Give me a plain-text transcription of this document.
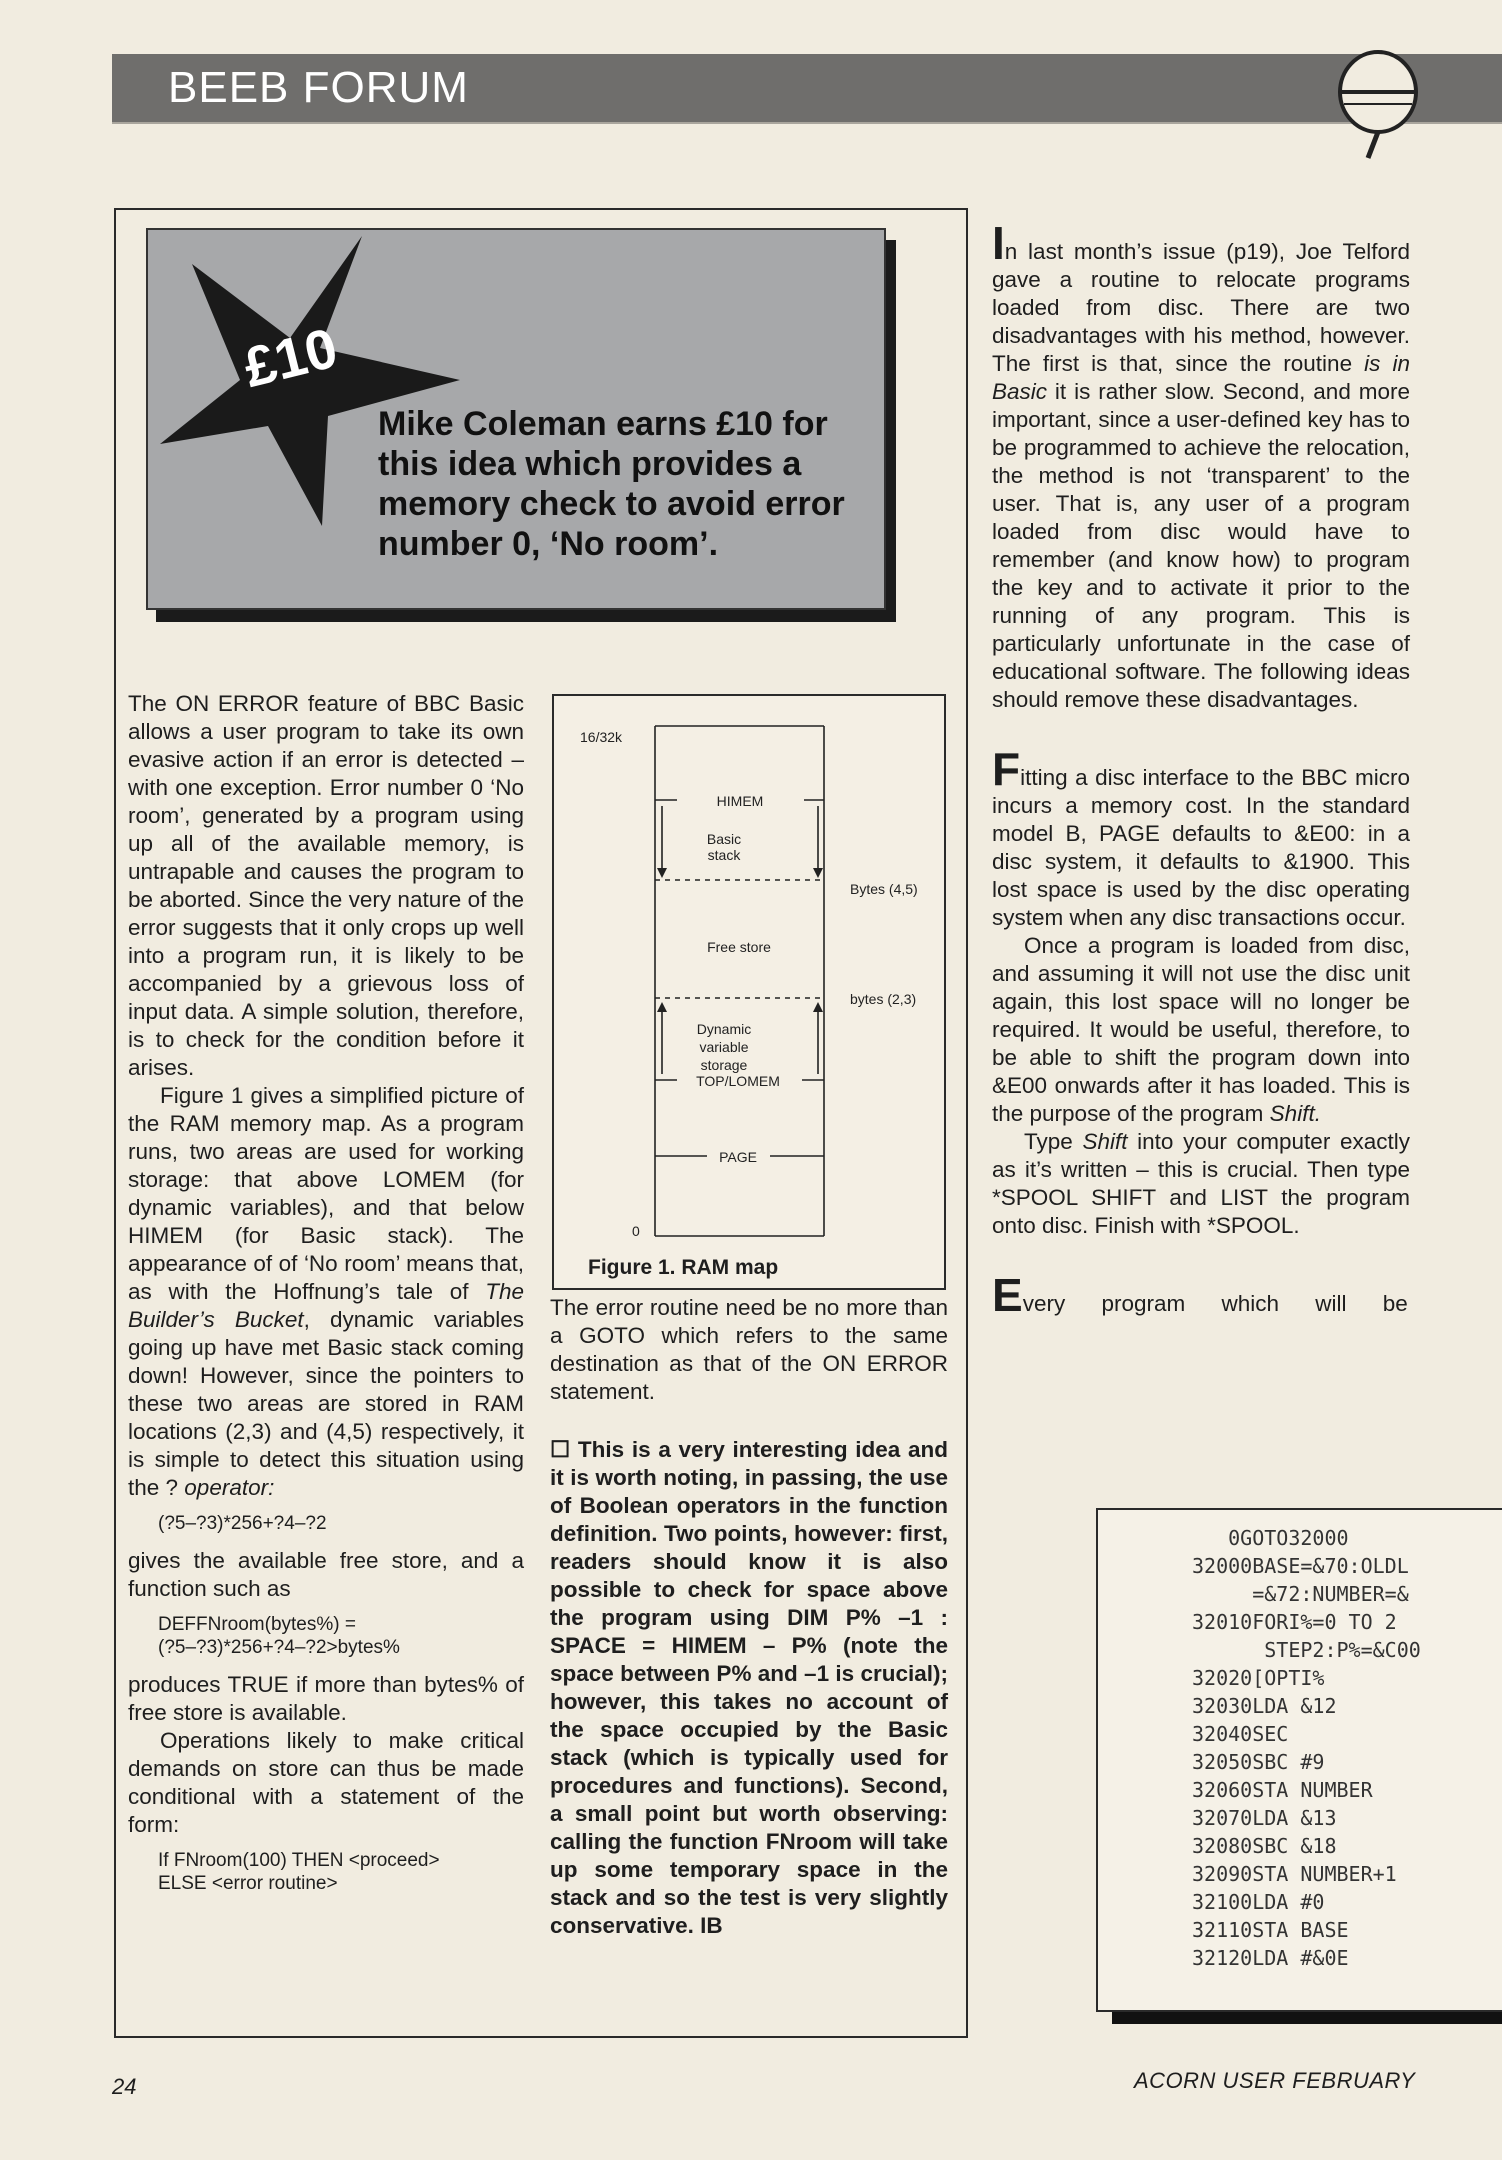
BEEB FORUM
£10
Mike Coleman earns £10 for this idea which provides a memory check to avoid error number 0, ‘No room’.

The ON ERROR feature of BBC Basic allows a user program to take its own evasive action if an error is detected – with one exception. Error number 0 ‘No room’, generated by a program using up all of the available memory, is untrapable and causes the program to be aborted. Since the very nature of the error suggests that it only crops up well into a program run, it is likely to be accompanied by a grievous loss of input data. A simple solution, therefore, is to check for the condition before it arises.

Figure 1 gives a simplified picture of the RAM memory map. As a program runs, two areas are used for working storage: that above LOMEM (for dynamic variables), and that below HIMEM (for Basic stack). The appearance of of ‘No room’ means that, as with the Hoffnung’s tale of The Builder’s Bucket, dynamic variables going up have met Basic stack coming down! However, since the pointers to these two areas are stored in RAM locations (2,3) and (4,5) respectively, it is simple to detect this situation using the ? operator:

(?5–?3)*256+?4–?2

gives the available free store, and a function such as

DEFFNroom(bytes%) =
(?5–?3)*256+?4–?2>bytes%

produces TRUE if more than bytes% of free store is available.

Operations likely to make critical demands on store can thus be made conditional with a statement of the form:

If FNroom(100) THEN <proceed>
ELSE <error routine>
16/32k
HIMEM
Basic
stack
Bytes (4,5)
Free store
bytes (2,3)
Dynamic
variable
storage
TOP/LOMEM
PAGE
0
Figure 1. RAM map

The error routine need be no more than a GOTO which refers to the same destination as that of the ON ERROR statement.

☐ This is a very interesting idea and it is worth noting, in passing, the use of Boolean operators in the function definition. Two points, however: first, readers should know it is also possible to check for space above the program using DIM P% –1 : SPACE = HIMEM – P% (note the space between P% and –1 is crucial); however, this takes no account of the space occupied by the Basic stack (which is typically used for procedures and functions). Second, a small point but worth observing: calling the function FNroom will take up some temporary space in the stack and so the test is very slightly conservative. IB

In last month’s issue (p19), Joe Telford gave a routine to relocate programs loaded from disc. There are two disadvantages with his method, however. The first is that, since the routine is in Basic it is rather slow. Second, and more important, since a user-defined key has to be programmed to achieve the relocation, the method is not ‘transparent’ to the user. That is, any user of a program loaded from disc would have to remember (and know how) to program the key and to activate it prior to the running of any program. This is particularly unfortunate in the case of educational software. The following ideas should remove these disadvantages.

Fitting a disc interface to the BBC micro incurs a memory cost. In the standard model B, PAGE defaults to &E00: in a disc system, it defaults to &1900. This lost space is used by the disc operating system when any disc transactions occur.

Once a program is loaded from disc, and assuming it will not use the disc unit again, this lost space will no longer be required. It would be useful, therefore, to be able to shift the program down into &E00 onwards after it has loaded. This is the purpose of the program Shift.

Type Shift into your computer exactly as it’s written – this is crucial. Then type *SPOOL SHIFT and LIST the program onto disc. Finish with *SPOOL.

Every program which will be

0GOTO32000
32000BASE=&70:OLDL
=&72:NUMBER=&
32010FORI%=0 TO 2
STEP2:P%=&C00
32020[OPTI%
32030LDA &12
32040SEC
32050SBC #9
32060STA NUMBER
32070LDA &13
32080SBC &18
32090STA NUMBER+1
32100LDA #0
32110STA BASE
32120LDA #&0E
24	ACORN USER FEBRUARY
